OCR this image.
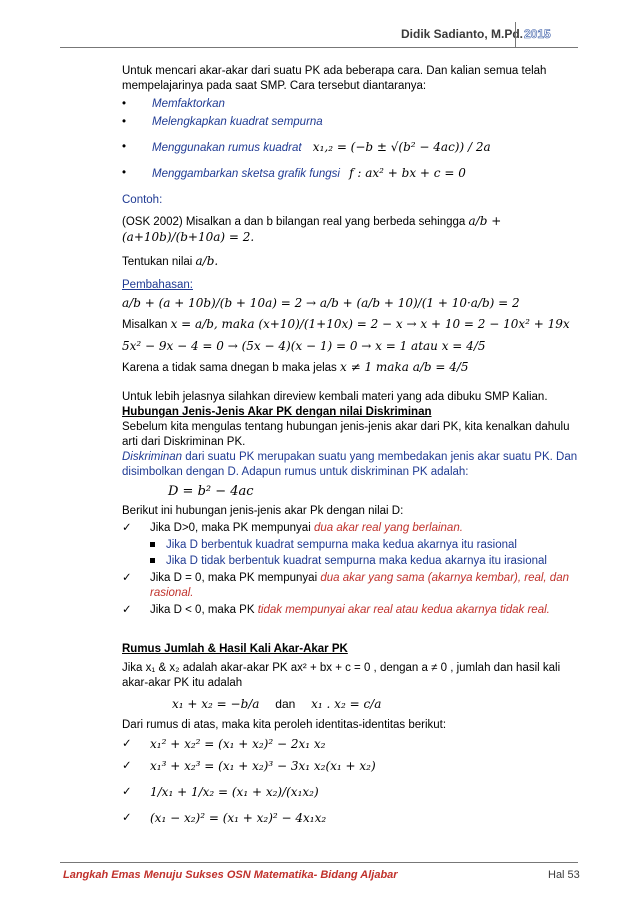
Didik Sadianto, M.Pd. 2015

Untuk mencari akar-akar dari suatu PK ada beberapa cara. Dan kalian semua telah mempelajarinya pada saat SMP. Cara tersebut diantaranya:

• Memfaktorkan
• Melengkapkan kuadrat sempurna
• Menggunakan rumus kuadrat x₁,₂ = (−b ± √(b² − 4ac)) / 2a
• Menggambarkan sketsa grafik fungsi f : ax² + bx + c = 0

Contoh:

(OSK 2002) Misalkan a dan b bilangan real yang berbeda sehingga a/b + (a+10b)/(b+10a) = 2.

Tentukan nilai a/b.

Pembahasan:

a/b + (a + 10b)/(b + 10a) = 2 → a/b + (a/b + 10)/(1 + 10·a/b) = 2

Misalkan x = a/b, maka (x+10)/(1+10x) = 2 − x → x + 10 = 2 − 10x² + 19x

5x² − 9x − 4 = 0 → (5x − 4)(x − 1) = 0 → x = 1 atau x = 4/5

Karena a tidak sama dnegan b maka jelas x ≠ 1 maka a/b = 4/5

Untuk lebih jelasnya silahkan direview kembali materi yang ada dibuku SMP Kalian.

Hubungan Jenis-Jenis Akar PK dengan nilai Diskriminan

Sebelum kita mengulas tentang hubungan jenis-jenis akar dari PK, kita kenalkan dahulu arti dari Diskriminan PK.

Diskriminan dari suatu PK merupakan suatu yang membedakan jenis akar suatu PK. Dan disimbolkan dengan D. Adapun rumus untuk diskriminan PK adalah:

D = b² − 4ac

Berikut ini hubungan jenis-jenis akar Pk dengan nilai D:

✓ Jika D>0, maka PK mempunyai dua akar real yang berlainan.
Jika D berbentuk kuadrat sempurna maka kedua akarnya itu rasional
Jika D tidak berbentuk kuadrat sempurna maka kedua akarnya itu irasional
✓ Jika D = 0, maka PK mempunyai dua akar yang sama (akarnya kembar), real, dan rasional.
✓ Jika D < 0, maka PK tidak mempunyai akar real atau kedua akarnya tidak real.

Rumus Jumlah & Hasil Kali Akar-Akar PK

Jika x₁ & x₂ adalah akar-akar PK ax² + bx + c = 0 , dengan a ≠ 0 , jumlah dan hasil kali akar-akar PK itu adalah

x₁ + x₂ = −b/a dan x₁ . x₂ = c/a

Dari rumus di atas, maka kita peroleh identitas-identitas berikut:

✓ x₁² + x₂² = (x₁ + x₂)² − 2x₁ x₂
✓ x₁³ + x₂³ = (x₁ + x₂)³ − 3x₁ x₂(x₁ + x₂)
✓ 1/x₁ + 1/x₂ = (x₁ + x₂)/(x₁x₂)
✓ (x₁ − x₂)² = (x₁ + x₂)² − 4x₁x₂
Langkah Emas Menuju Sukses OSN Matematika- Bidang Aljabar	Hal 53
